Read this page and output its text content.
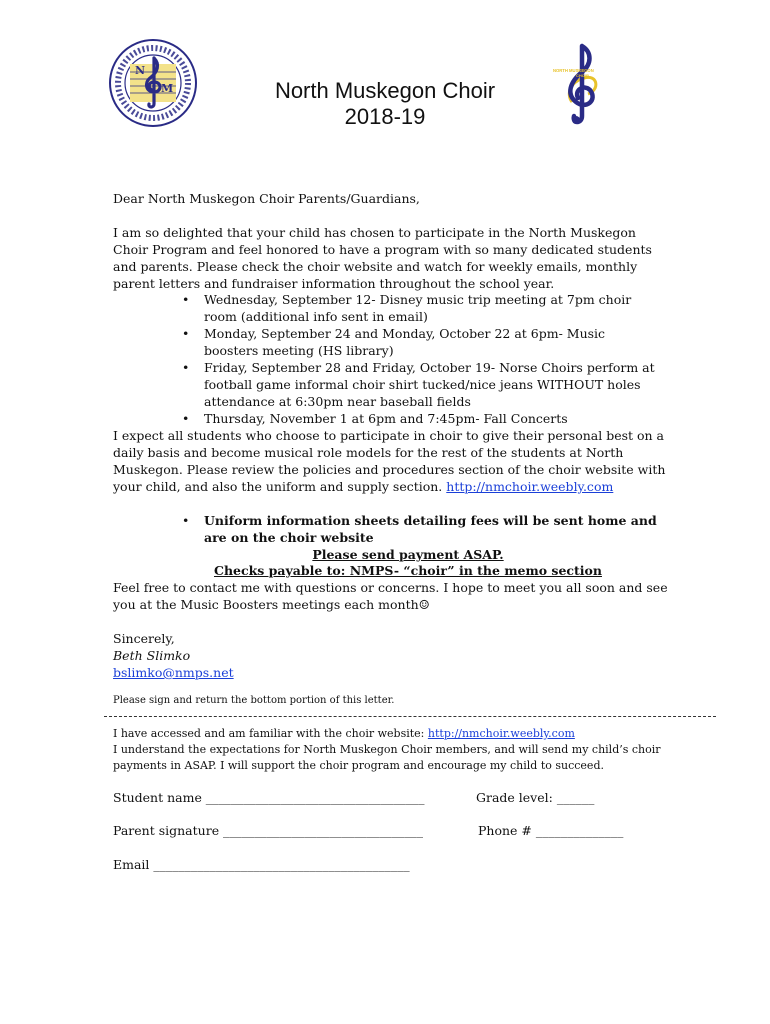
N
M
NORTH MUSKEGON
CHOIR
North Muskegon Choir
2018-19
Dear North Muskegon Choir Parents/Guardians,
I am so delighted that your child has chosen to participate in the North Muskegon Choir Program and feel honored to have a program with so many dedicated students and parents. Please check the choir website and watch for weekly emails, monthly parent letters and fundraiser information throughout the school year.
• Wednesday, September 12- Disney music trip meeting at 7pm choir room (additional info sent in email)
• Monday, September 24 and Monday, October 22 at 6pm- Music boosters meeting (HS library)
• Friday, September 28 and Friday, October 19- Norse Choirs perform at football game informal choir shirt tucked/nice jeans WITHOUT holes attendance at 6:30pm near baseball fields
• Thursday, November 1 at 6pm and 7:45pm- Fall Concerts
I expect all students who choose to participate in choir to give their personal best on a daily basis and become musical role models for the rest of the students at North Muskegon. Please review the policies and procedures section of the choir website with your child, and also the uniform and supply section. http://nmchoir.weebly.com
• Uniform information sheets detailing fees will be sent home and are on the choir website
Please send payment ASAP.
Checks payable to: NMPS- “choir” in the memo section
Feel free to contact me with questions or concerns. I hope to meet you all soon and see you at the Music Boosters meetings each month☺
Sincerely,
Beth Slimko
bslimko@nmps.net
Please sign and return the bottom portion of this letter.
I have accessed and am familiar with the choir website: http://nmchoir.weebly.com
I understand the expectations for North Muskegon Choir members, and will send my child’s choir payments in ASAP. I will support the choir program and encourage my child to succeed.
Student name ___________________________________	Grade level: ______
Parent signature ________________________________	Phone # ______________
Email _________________________________________
